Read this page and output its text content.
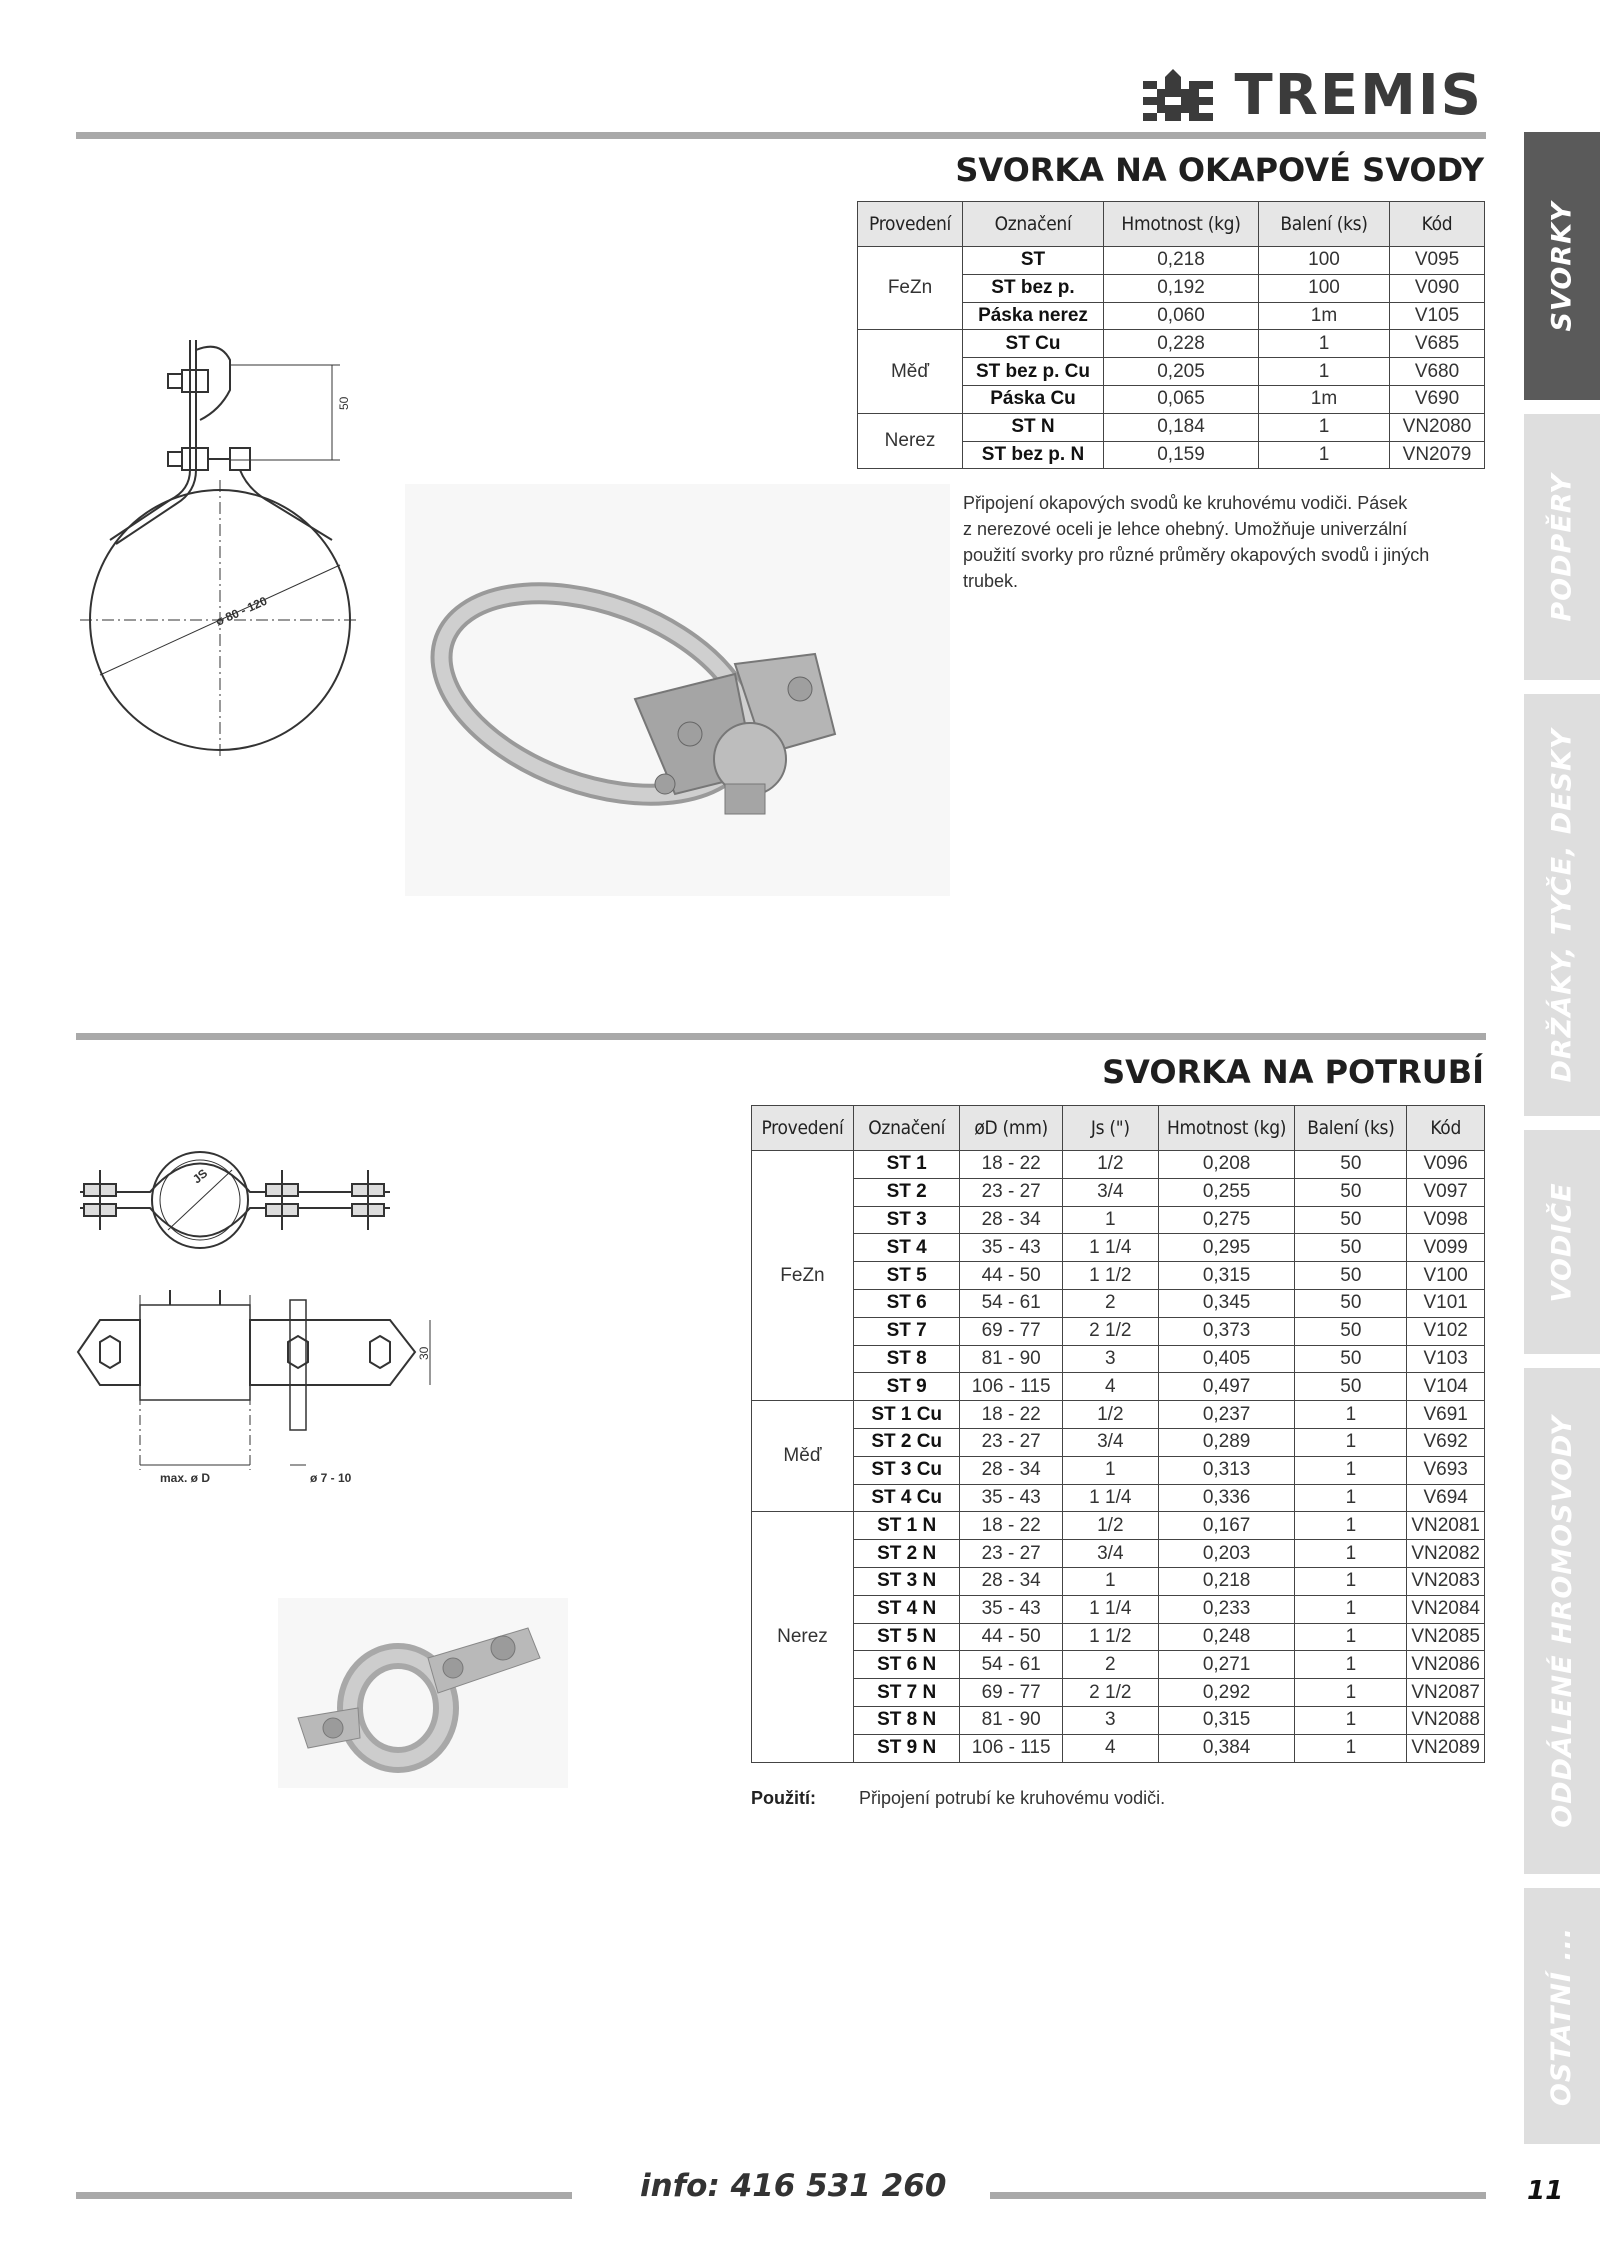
TREMIS
SVORKA NA OKAPOVÉ SVODY
Provedení	Označení	Hmotnost (kg)	Balení (ks)	Kód
FeZn	ST	0,218	100	V095
	ST bez p.	0,192	100	V090
	Páska nerez	0,060	1m	V105
Měď	ST Cu	0,228	1	V685
	ST bez p. Cu	0,205	1	V680
	Páska Cu	0,065	1m	V690
Nerez	ST N	0,184	1	VN2080
	ST bez p. N	0,159	1	VN2079
Připojení okapových svodů ke kruhovému vodiči. Pásek
z nerezové oceli je lehce ohebný. Umožňuje univerzální
použití svorky pro různé průměry okapových svodů i jiných
trubek.
50
ø 80 - 120
SVORKA NA POTRUBÍ
Provedení	Označení	øD (mm)	Js (")	Hmotnost (kg)	Balení (ks)	Kód
FeZn	ST 1	18 - 22	1/2	0,208	50	V096
	ST 2	23 - 27	3/4	0,255	50	V097
	ST 3	28 - 34	1	0,275	50	V098
	ST 4	35 - 43	1 1/4	0,295	50	V099
	ST 5	44 - 50	1 1/2	0,315	50	V100
	ST 6	54 - 61	2	0,345	50	V101
	ST 7	69 - 77	2 1/2	0,373	50	V102
	ST 8	81 - 90	3	0,405	50	V103
	ST 9	106 - 115	4	0,497	50	V104
Měď	ST 1 Cu	18 - 22	1/2	0,237	1	V691
	ST 2 Cu	23 - 27	3/4	0,289	1	V692
	ST 3 Cu	28 - 34	1	0,313	1	V693
	ST 4 Cu	35 - 43	1 1/4	0,336	1	V694
Nerez	ST 1 N	18 - 22	1/2	0,167	1	VN2081
	ST 2 N	23 - 27	3/4	0,203	1	VN2082
	ST 3 N	28 - 34	1	0,218	1	VN2083
	ST 4 N	35 - 43	1 1/4	0,233	1	VN2084
	ST 5 N	44 - 50	1 1/2	0,248	1	VN2085
	ST 6 N	54 - 61	2	0,271	1	VN2086
	ST 7 N	69 - 77	2 1/2	0,292	1	VN2087
	ST 8 N	81 - 90	3	0,315	1	VN2088
	ST 9 N	106 - 115	4	0,384	1	VN2089
Použití: Připojení potrubí ke kruhovému vodiči.
JS
30
max. ø D	ø 7 - 10
SVORKY
PODPĚRY
DRŽÁKY, TYČE, DESKY
VODIČE
ODDÁLENÉ HROMOSVODY
OSTATNÍ ...
info: 416 531 260	11
